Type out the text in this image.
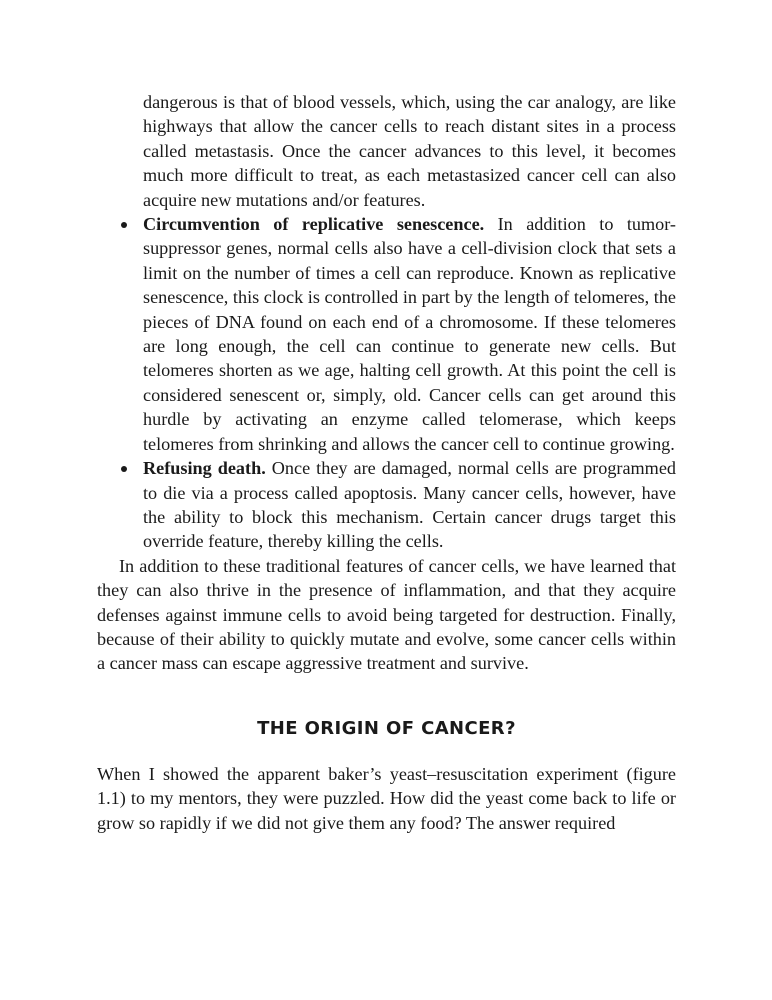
dangerous is that of blood vessels, which, using the car analogy, are like highways that allow the cancer cells to reach distant sites in a process called metastasis. Once the cancer advances to this level, it becomes much more difficult to treat, as each metastasized cancer cell can also acquire new mutations and/or features.

Circumvention of replicative senescence. In addition to tumor-suppressor genes, normal cells also have a cell-division clock that sets a limit on the number of times a cell can reproduce. Known as replicative senescence, this clock is controlled in part by the length of telomeres, the pieces of DNA found on each end of a chromosome. If these telomeres are long enough, the cell can continue to generate new cells. But telomeres shorten as we age, halting cell growth. At this point the cell is considered senescent or, simply, old. Cancer cells can get around this hurdle by activating an enzyme called telomerase, which keeps telomeres from shrinking and allows the cancer cell to continue growing.
Refusing death. Once they are damaged, normal cells are programmed to die via a process called apoptosis. Many cancer cells, however, have the ability to block this mechanism. Certain cancer drugs target this override feature, thereby killing the cells.

In addition to these traditional features of cancer cells, we have learned that they can also thrive in the presence of inflammation, and that they acquire defenses against immune cells to avoid being targeted for destruction. Finally, because of their ability to quickly mutate and evolve, some cancer cells within a cancer mass can escape aggressive treatment and survive.

THE ORIGIN OF CANCER?

When I showed the apparent baker’s yeast–resuscitation experiment (figure 1.1) to my mentors, they were puzzled. How did the yeast come back to life or grow so rapidly if we did not give them any food? The answer required
